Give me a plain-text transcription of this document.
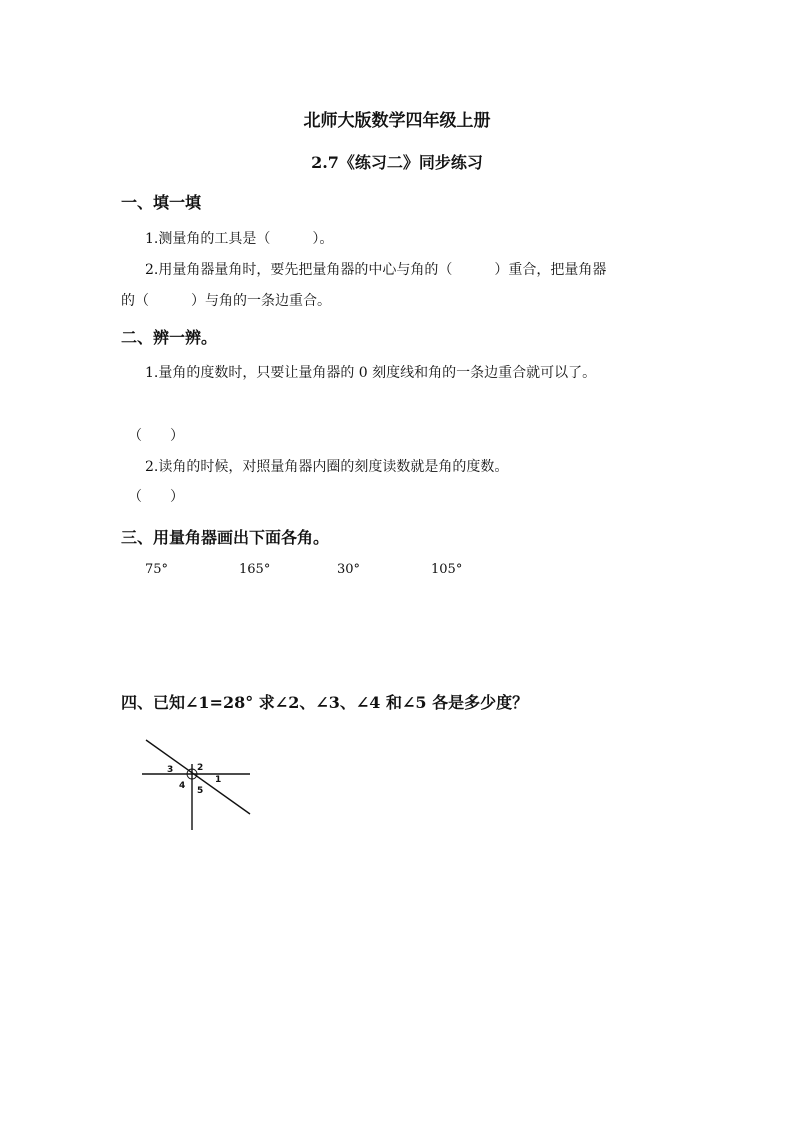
北师大版数学四年级上册
2.7《练习二》同步练习
一、填一填
1.测量角的工具是（　　　）。
2.用量角器量角时，要先把量角器的中心与角的（　　　）重合，把量角器
的（　　　）与角的一条边重合。
二、辨一辨。
1.量角的度数时，只要让量角器的 0 刻度线和角的一条边重合就可以了。
（　　）
2.读角的时候，对照量角器内圈的刻度读数就是角的度数。
（　　）
三、用量角器画出下面各角。
75°	165°	30°	105°
四、已知∠1=28° 求∠2、∠3、∠4 和∠5 各是多少度？
1
2
3
4 5
